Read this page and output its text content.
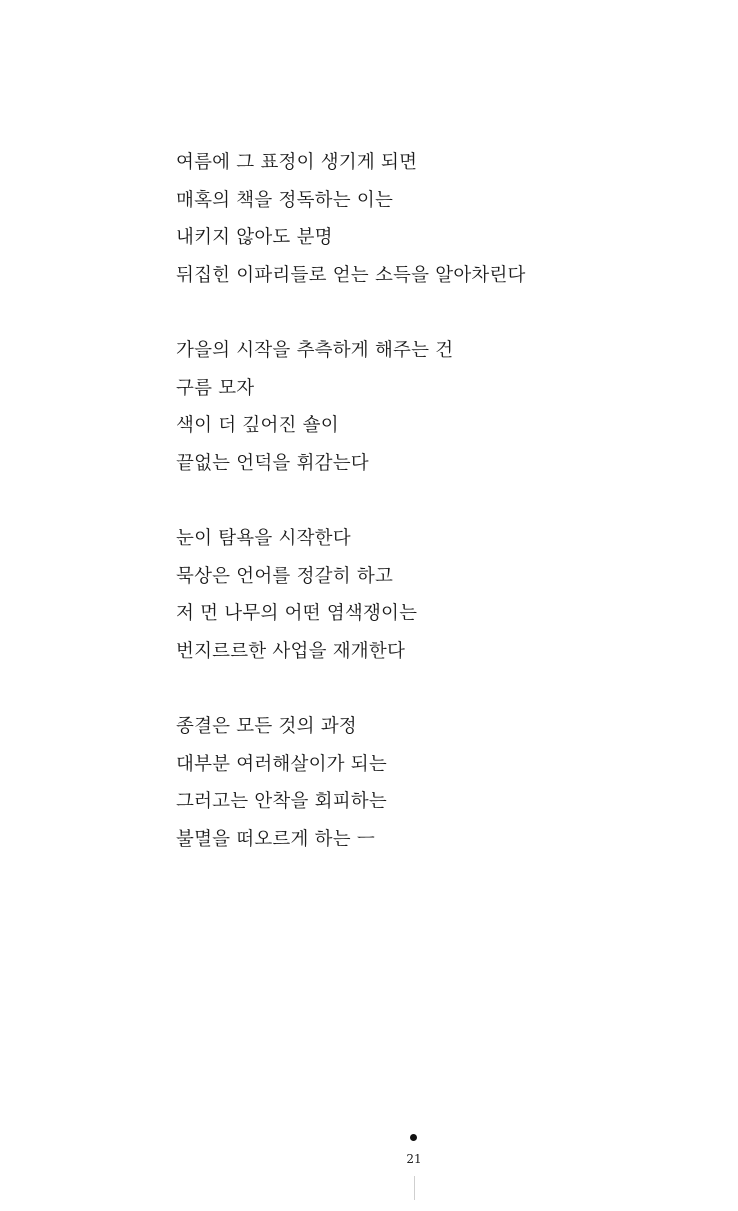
여름에 그 표정이 생기게 되면
매혹의 책을 정독하는 이는
내키지 않아도 분명
뒤집힌 이파리들로 얻는 소득을 알아차린다
가을의 시작을 추측하게 해주는 건
구름 모자
색이 더 깊어진 숄이
끝없는 언덕을 휘감는다
눈이 탐욕을 시작한다
묵상은 언어를 정갈히 하고
저 먼 나무의 어떤 염색쟁이는
번지르르한 사업을 재개한다
종결은 모든 것의 과정
대부분 여러해살이가 되는
그러고는 안착을 회피하는
불멸을 떠오르게 하는 ㅡ
21
